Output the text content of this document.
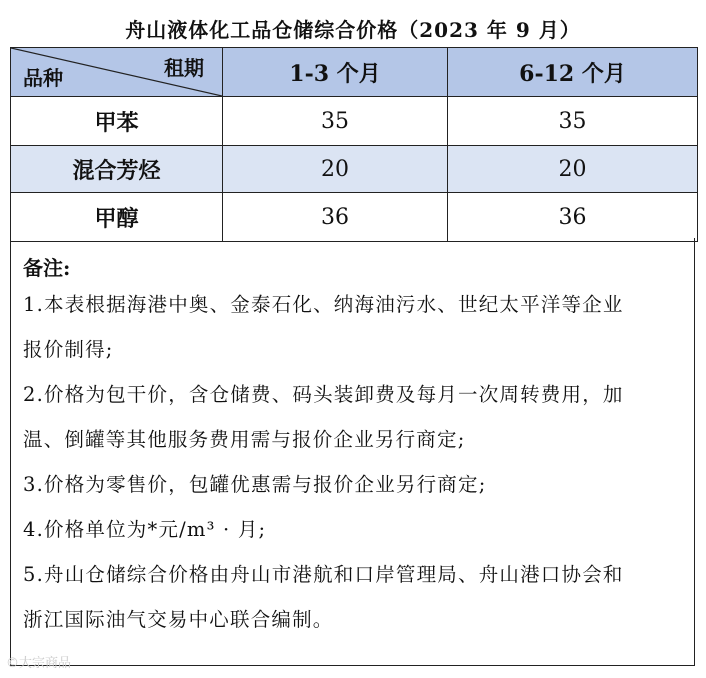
舟山液体化工品仓储综合价格（2023 年 9 月）
租期
品种	1-3 个月	6-12 个月
甲苯	35	35
混合芳烃	20	20
甲醇	36	36
备注:
1.本表根据海港中奥、金泰石化、纳海油污水、世纪太平洋等企业
报价制得;
2.价格为包干价，含仓储费、码头装卸费及每月一次周转费用，加
温、倒罐等其他服务费用需与报价企业另行商定;
3.价格为零售价，包罐优惠需与报价企业另行商定;
4.价格单位为*元/m³ · 月;
5.舟山仓储综合价格由舟山市港航和口岸管理局、舟山港口协会和
浙江国际油气交易中心联合编制。
©大宗商品
